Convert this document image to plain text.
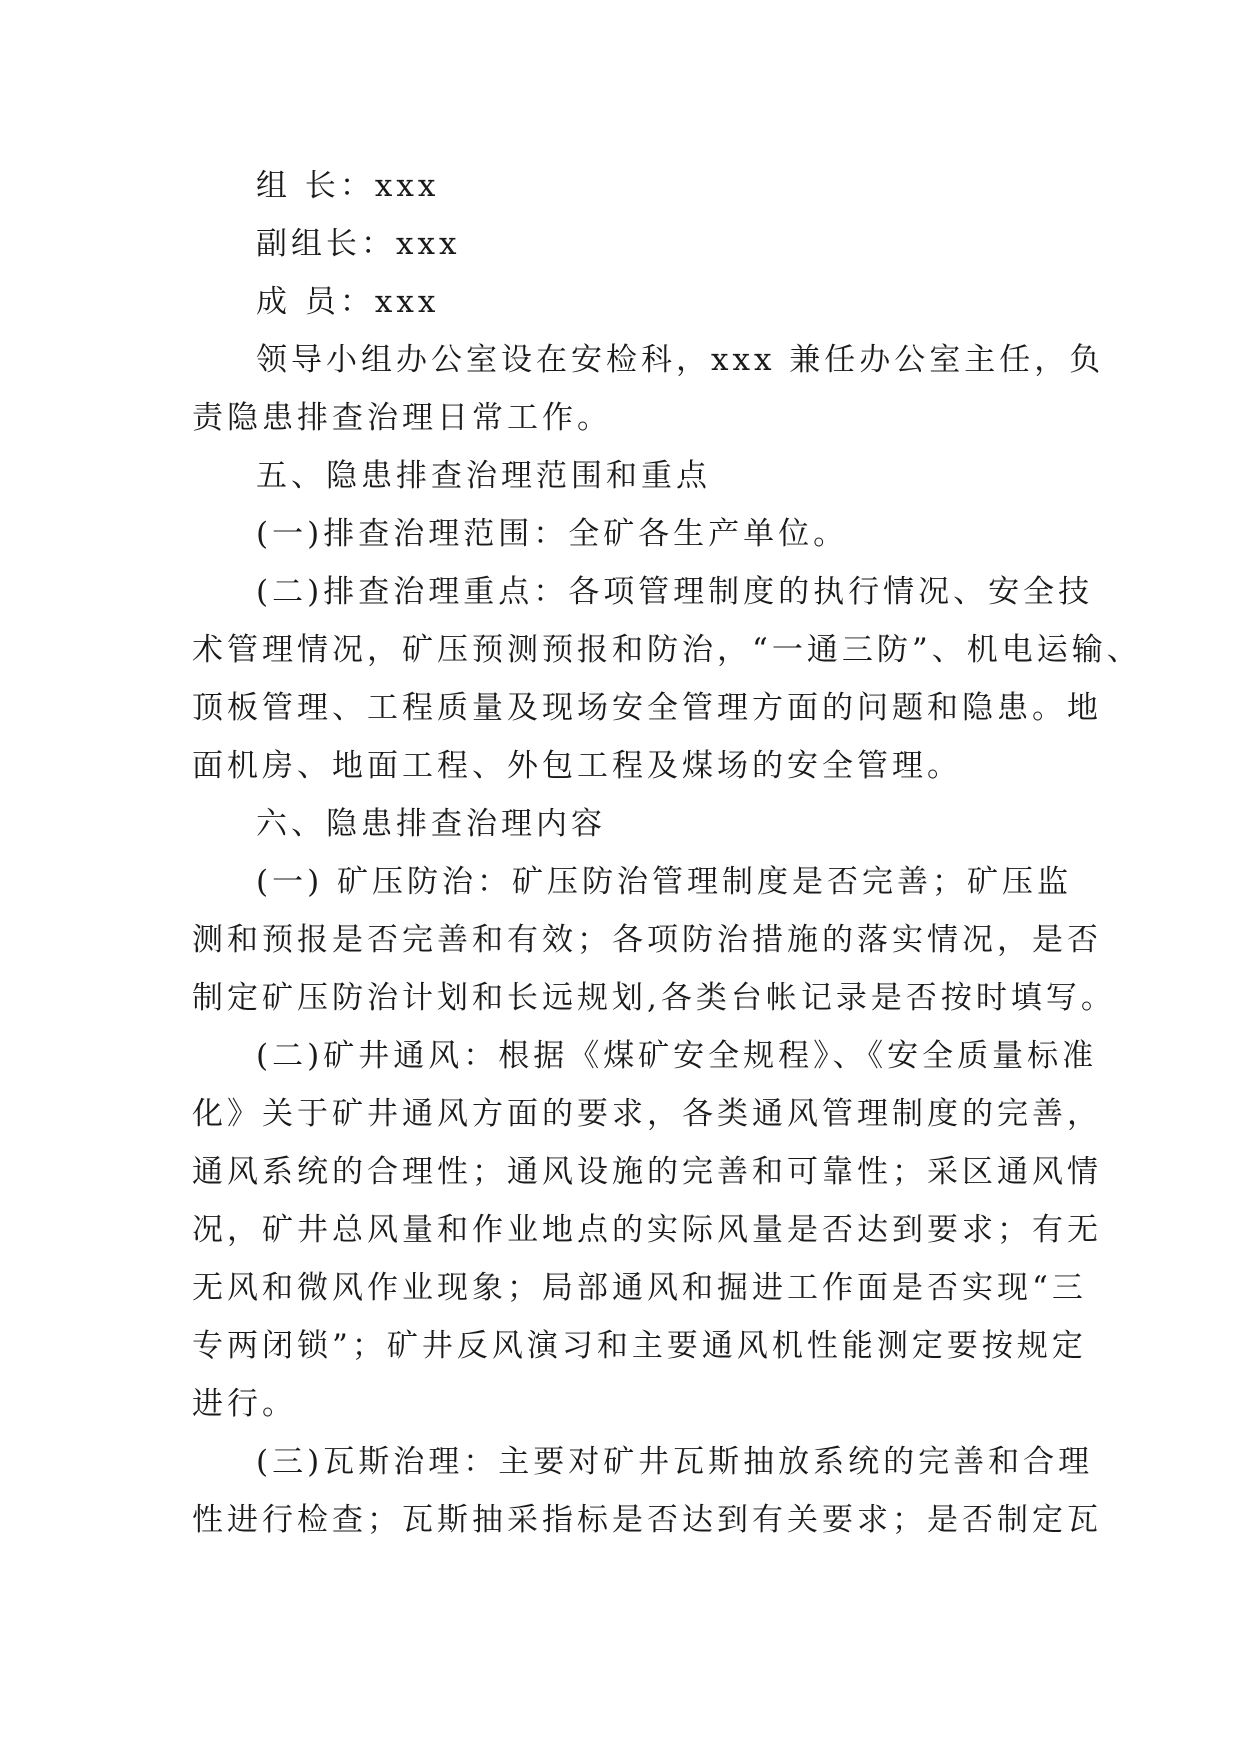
组 长：xxx
副组长：xxx
成 员：xxx
领导小组办公室设在安检科，xxx 兼任办公室主任，负
责隐患排查治理日常工作。
五、隐患排查治理范围和重点
(一)排查治理范围：全矿各生产单位。
(二)排查治理重点：各项管理制度的执行情况、安全技
术管理情况，矿压预测预报和防治，“一通三防”、机电运输、
顶板管理、工程质量及现场安全管理方面的问题和隐患。地
面机房、地面工程、外包工程及煤场的安全管理。
六、隐患排查治理内容
(一) 矿压防治：矿压防治管理制度是否完善；矿压监
测和预报是否完善和有效；各项防治措施的落实情况，是否
制定矿压防治计划和长远规划,各类台帐记录是否按时填写。
(二)矿井通风：根据《煤矿安全规程》、《安全质量标准
化》关于矿井通风方面的要求，各类通风管理制度的完善，
通风系统的合理性；通风设施的完善和可靠性；采区通风情
况，矿井总风量和作业地点的实际风量是否达到要求；有无
无风和微风作业现象；局部通风和掘进工作面是否实现“三
专两闭锁”；矿井反风演习和主要通风机性能测定要按规定
进行。
(三)瓦斯治理：主要对矿井瓦斯抽放系统的完善和合理
性进行检查；瓦斯抽采指标是否达到有关要求；是否制定瓦
